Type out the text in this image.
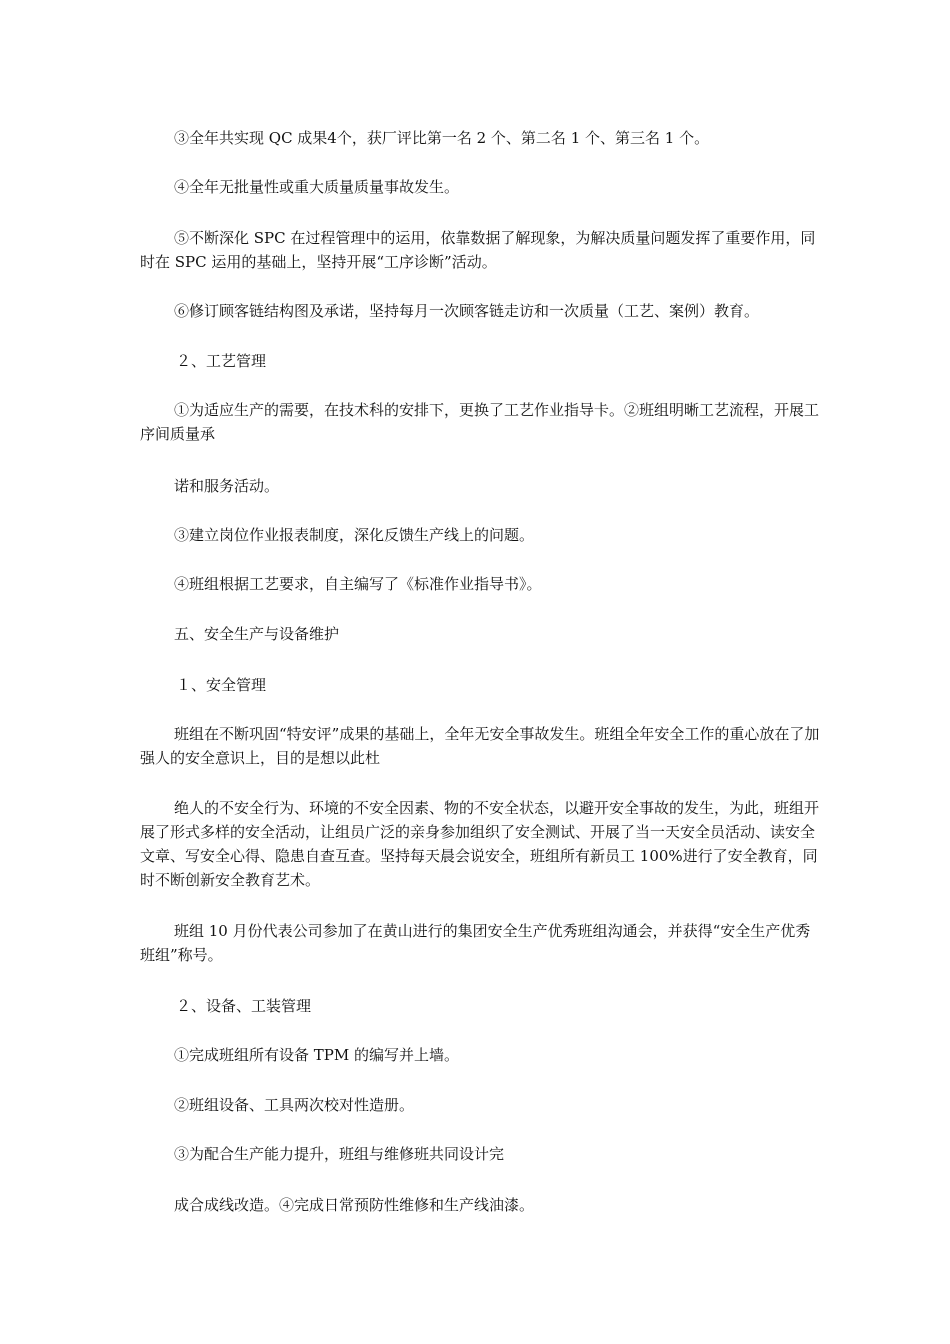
③全年共实现 QC 成果4个，获厂评比第一名 2 个、第二名 1 个、第三名 1 个。

④全年无批量性或重大质量质量事故发生。

⑤不断深化 SPC 在过程管理中的运用，依靠数据了解现象，为解决质量问题发挥了重要作用，同时在 SPC 运用的基础上，坚持开展“工序诊断”活动。

⑥修订顾客链结构图及承诺，坚持每月一次顾客链走访和一次质量（工艺、案例）教育。

２、工艺管理

①为适应生产的需要，在技术科的安排下，更换了工艺作业指导卡。②班组明晰工艺流程，开展工序间质量承

诺和服务活动。

③建立岗位作业报表制度，深化反馈生产线上的问题。

④班组根据工艺要求，自主编写了《标准作业指导书》。

五、安全生产与设备维护

１、安全管理

班组在不断巩固“特安评”成果的基础上，全年无安全事故发生。班组全年安全工作的重心放在了加强人的安全意识上，目的是想以此杜

绝人的不安全行为、环境的不安全因素、物的不安全状态，以避开安全事故的发生，为此，班组开展了形式多样的安全活动，让组员广泛的亲身参加组织了安全测试、开展了当一天安全员活动、读安全文章、写安全心得、隐患自查互查。坚持每天晨会说安全，班组所有新员工 100%进行了安全教育，同时不断创新安全教育艺术。

班组 10 月份代表公司参加了在黄山进行的集团安全生产优秀班组沟通会，并获得“安全生产优秀班组”称号。

２、设备、工装管理

①完成班组所有设备 TPM 的编写并上墙。

②班组设备、工具两次校对性造册。

③为配合生产能力提升，班组与维修班共同设计完

成合成线改造。④完成日常预防性维修和生产线油漆。
